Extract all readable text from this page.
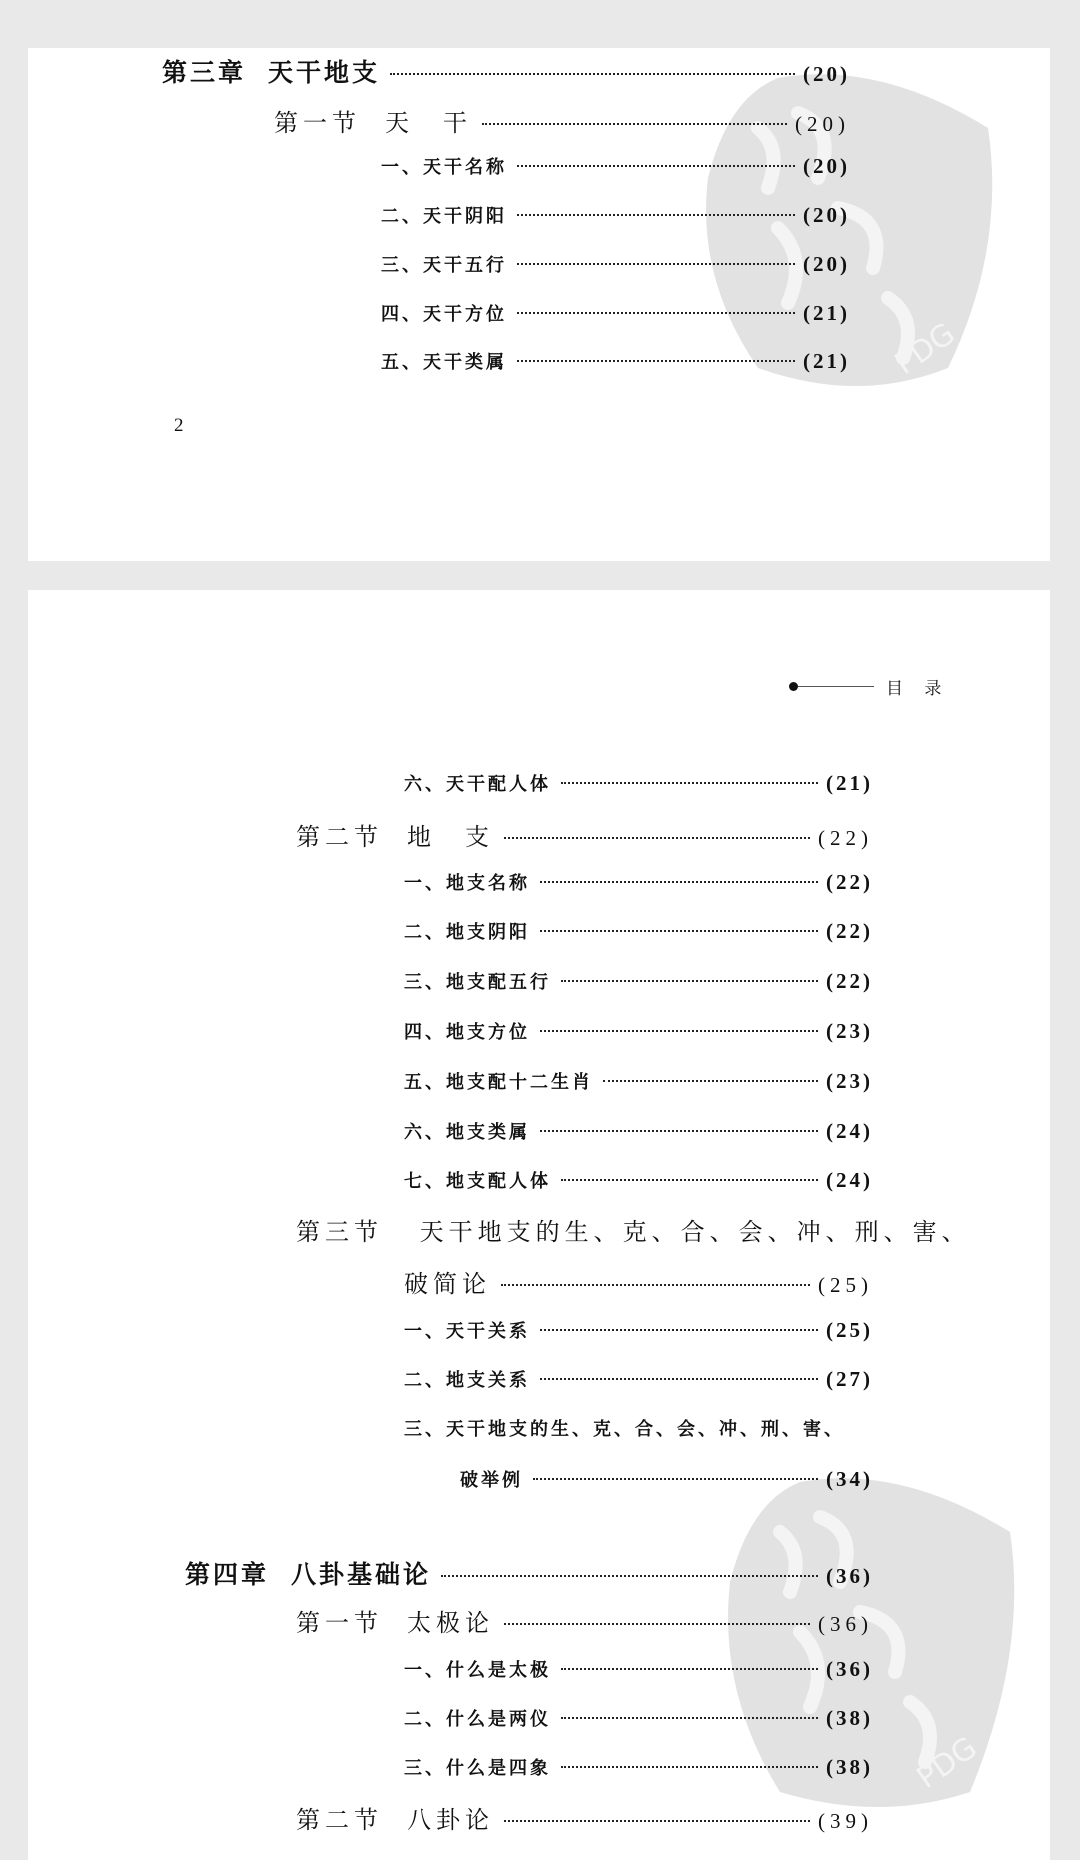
PDG
第三章 天干地支	(20)
第一节 天　干	(20)
一、天干名称	(20)
二、天干阴阳	(20)
三、天干五行	(20)
四、天干方位	(21)
五、天干类属	(21)
2
目 录
PDG
六、天干配人体	(21)
第二节 地　支	(22)
一、地支名称	(22)
二、地支阴阳	(22)
三、地支配五行	(22)
四、地支方位	(23)
五、地支配十二生肖	(23)
六、地支类属	(24)
七、地支配人体	(24)
第三节 天干地支的生、克、合、会、冲、刑、害、
破简论	(25)
一、天干关系	(25)
二、地支关系	(27)
三、天干地支的生、克、合、会、冲、刑、害、
破举例	(34)
第四章 八卦基础论	(36)
第一节 太极论	(36)
一、什么是太极	(36)
二、什么是两仪	(38)
三、什么是四象	(38)
第二节 八卦论	(39)
